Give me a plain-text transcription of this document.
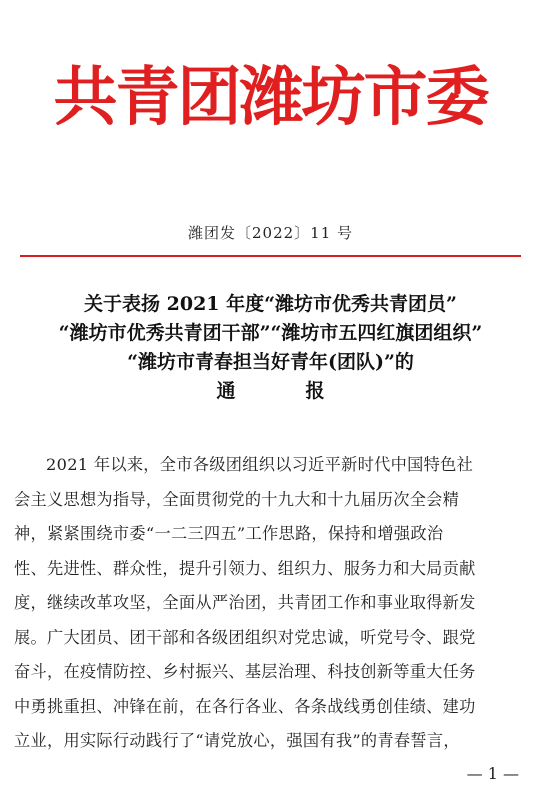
共青团潍坊市委
潍团发〔2022〕11 号
关于表扬 2021 年度“潍坊市优秀共青团员”
“潍坊市优秀共青团干部”“潍坊市五四红旗团组织”
“潍坊市青春担当好青年(团队)”的
通报
2021 年以来，全市各级团组织以习近平新时代中国特色社
会主义思想为指导，全面贯彻党的十九大和十九届历次全会精
神，紧紧围绕市委“一二三四五”工作思路，保持和增强政治
性、先进性、群众性，提升引领力、组织力、服务力和大局贡献
度，继续改革攻坚，全面从严治团，共青团工作和事业取得新发
展。广大团员、团干部和各级团组织对党忠诚，听党号令、跟党
奋斗，在疫情防控、乡村振兴、基层治理、科技创新等重大任务
中勇挑重担、冲锋在前，在各行各业、各条战线勇创佳绩、建功
立业，用实际行动践行了“请党放心，强国有我”的青春誓言，
— 1 —
